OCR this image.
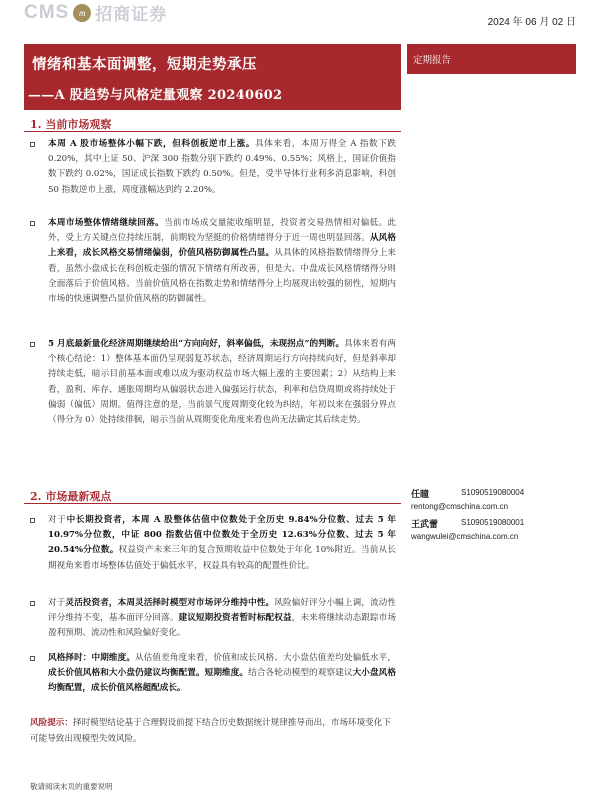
CMS m 招商证券	2024 年 06 月 02 日
情绪和基本面调整，短期走势承压
——A 股趋势与风格定量观察 20240602
定期报告
1. 当前市场观察
本周 A 股市场整体小幅下跌，但科创板逆市上涨。具体来看，本周万得全 A 指数下跌 0.20%，其中上证 50、沪深 300 指数分别下跌约 0.49%、0.55%；风格上，国证价值指数下跌约 0.02%，国证成长指数下跌约 0.50%。但是，受半导体行业利多消息影响，科创 50 指数逆市上涨，周度涨幅达到约 2.20%。
本周市场整体情绪继续回落。当前市场成交量能收缩明显，投资者交易热情相对偏低。此外，受上方关键点位持续压制，前期较为坚挺的价格情绪得分于近一周也明显回落。从风格上来看，成长风格交易情绪偏弱，价值风格防御属性凸显。从具体的风格指数情绪得分上来看，虽然小盘成长在科创板走强的情况下情绪有所改善，但是大、中盘成长风格情绪得分则全面落后于价值风格。当前价值风格在指数走势和情绪得分上均展现出较强的韧性，短期内市场的快速调整凸显价值风格的防御属性。
5 月底最新量化经济周期继续给出“方向向好，斜率偏低，未现拐点”的判断。具体来看有两个核心结论：1）整体基本面仍呈现弱复苏状态，经济周期运行方向持续向好，但是斜率却持续走低，暗示目前基本面或难以成为驱动权益市场大幅上涨的主要因素；2）从结构上来看，盈利、库存、通胀周期均从偏弱状态进入偏强运行状态，利率和信贷周期或将持续处于偏弱（偏低）周期。值得注意的是，当前景气度周期变化较为纠结，年初以来在强弱分界点（得分为 0）处持续徘徊，暗示当前从周期变化角度来看也尚无法确定其后续走势。
2. 市场最新观点
对于中长期投资者，本周 A 股整体估值中位数处于全历史 9.84%分位数、过去 5 年 10.97%分位数，中证 800 指数估值中位数处于全历史 12.63%分位数、过去 5 年 20.54%分位数。权益资产未来三年的复合预期收益中位数处于年化 10%附近。当前从长期视角来看市场整体估值处于偏低水平，权益具有较高的配置性价比。
对于灵活投资者，本周灵活择时模型对市场评分维持中性。风险偏好评分小幅上调，流动性评分维持不变，基本面评分回落。建议短期投资者暂时标配权益，未来将继续动态跟踪市场盈利预期、流动性和风险偏好变化。
风格择时：中期维度。从估值差角度来看，价值和成长风格、大小盘估值差均处偏低水平，成长价值风格和大小盘仍建议均衡配置。短期维度。结合各轮动模型的观察建议大小盘风格均衡配置，成长价值风格超配成长。
任瞳	S1090519080004
rentong@cmschina.com.cn
王武蕾	S1090519080001
wangwulei@cmschina.com.cn
风险提示：择时模型结论基于合理假设前提下结合历史数据统计规律推导而出，市场环境变化下可能导致出现模型失效风险。
敬请阅读末页的重要说明
